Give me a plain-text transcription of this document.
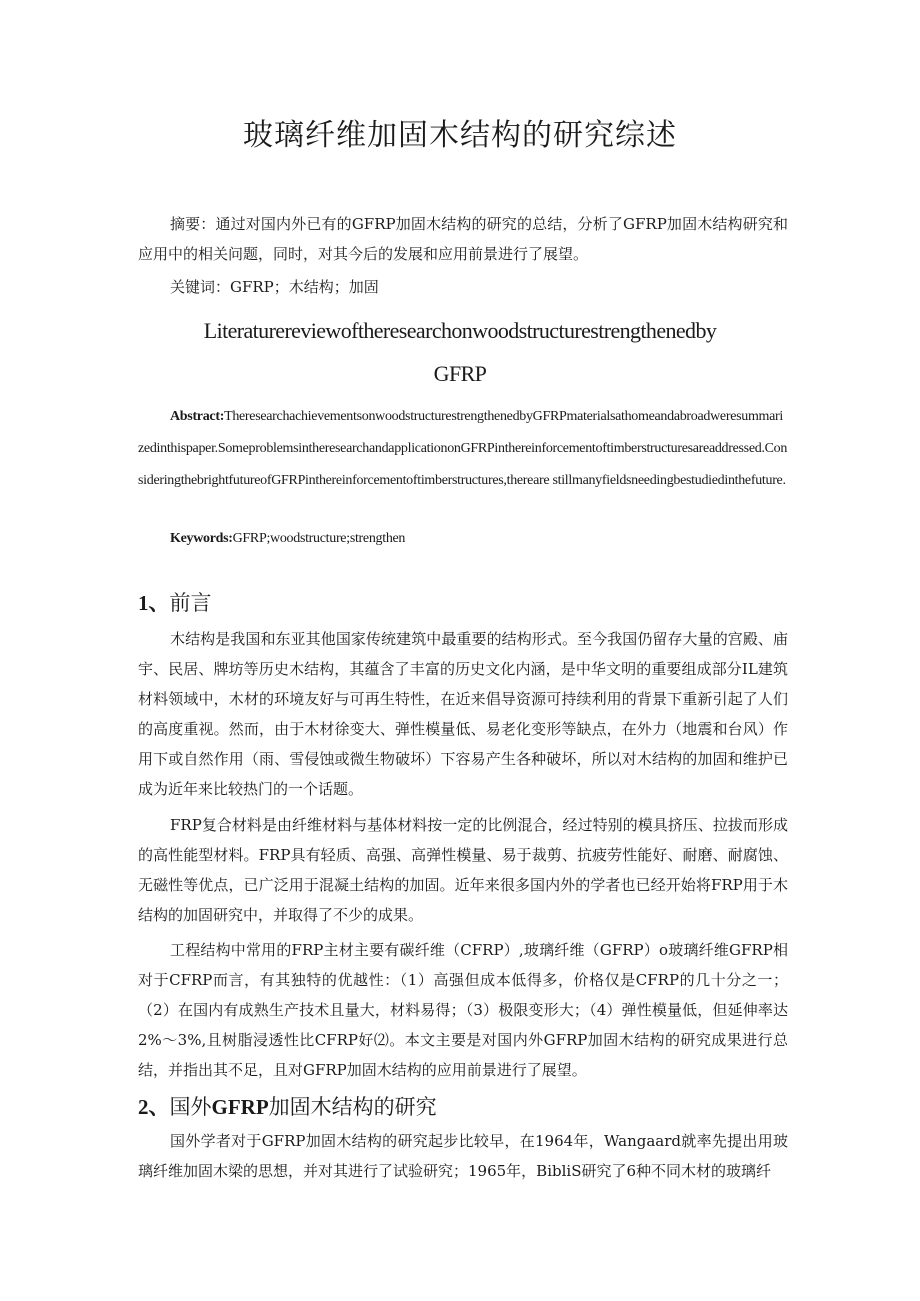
玻璃纤维加固木结构的研究综述
摘要：通过对国内外已有的GFRP加固木结构的研究的总结，分析了GFRP加固木结构研究和应用中的相关问题，同时，对其今后的发展和应用前景进行了展望。
关键词：GFRP；木结构；加固
Literaturereviewoftheresearchonwoodstructurestrengthenedby
GFRP
Abstract:TheresearchachievementsonwoodstructurestrengthenedbyGFRPmaterialsathomeandabroadweresummarizedinthispaper.SomeproblemsintheresearchandapplicationonGFRPinthereinforcementoftimberstructuresareaddressed.ConsideringthebrightfutureofGFRPinthereinforcementoftimberstructures,thereare stillmanyfieldsneedingbestudiedinthefuture.
Keywords:GFRP;woodstructure;strengthen
1、前言
木结构是我国和东亚其他国家传统建筑中最重要的结构形式。至今我国仍留存大量的宫殿、庙宇、民居、牌坊等历史木结构，其蕴含了丰富的历史文化内涵，是中华文明的重要组成部分IL建筑材料领域中，木材的环境友好与可再生特性，在近来倡导资源可持续利用的背景下重新引起了人们的高度重视。然而，由于木材徐变大、弹性模量低、易老化变形等缺点，在外力（地震和台风）作用下或自然作用（雨、雪侵蚀或微生物破坏）下容易产生各种破坏，所以对木结构的加固和维护已成为近年来比较热门的一个话题。
FRP复合材料是由纤维材料与基体材料按一定的比例混合，经过特别的模具挤压、拉拔而形成的高性能型材料。FRP具有轻质、高强、高弹性模量、易于裁剪、抗疲劳性能好、耐磨、耐腐蚀、无磁性等优点，已广泛用于混凝土结构的加固。近年来很多国内外的学者也已经开始将FRP用于木结构的加固研究中，并取得了不少的成果。
工程结构中常用的FRP主材主要有碳纤维（CFRP）,玻璃纤维（GFRP）o玻璃纤维GFRP相对于CFRP而言，有其独特的优越性：（1）高强但成本低得多，价格仅是CFRP的几十分之一；（2）在国内有成熟生产技术且量大，材料易得；（3）极限变形大；（4）弹性模量低，但延伸率达2%～3%,且树脂浸透性比CFRP好⑵。本文主要是对国内外GFRP加固木结构的研究成果进行总结，并指出其不足，且对GFRP加固木结构的应用前景进行了展望。
2、国外GFRP加固木结构的研究
国外学者对于GFRP加固木结构的研究起步比较早，在1964年，Wangaard就率先提出用玻璃纤维加固木梁的思想，并对其进行了试验研究；1965年，BibliS研究了6种不同木材的玻璃纤
